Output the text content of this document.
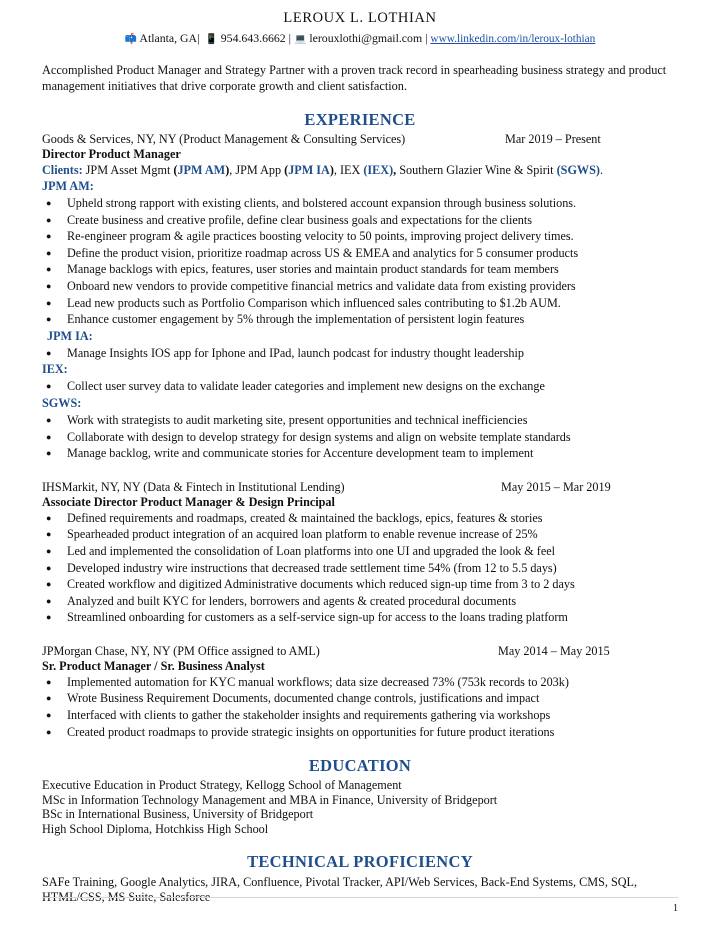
LEROUX L. LOTHIAN
📫 Atlanta, GA| 📱 954.643.6662 | 💻 lerouxlothi@gmail.com | www.linkedin.com/in/leroux-lothian
Accomplished Product Manager and Strategy Partner with a proven track record in spearheading business strategy and product management initiatives that drive corporate growth and client satisfaction.
EXPERIENCE
Goods & Services, NY, NY (Product Management & Consulting Services)	Mar 2019 – Present
Director Product Manager
Clients: JPM Asset Mgmt (JPM AM), JPM App (JPM IA), IEX (IEX), Southern Glazier Wine & Spirit (SGWS).
JPM AM:
● Upheld strong rapport with existing clients, and bolstered account expansion through business solutions.
● Create business and creative profile, define clear business goals and expectations for the clients
● Re-engineer program & agile practices boosting velocity to 50 points, improving project delivery times.
● Define the product vision, prioritize roadmap across US & EMEA and analytics for 5 consumer products
● Manage backlogs with epics, features, user stories and maintain product standards for team members
● Onboard new vendors to provide competitive financial metrics and validate data from existing providers
● Lead new products such as Portfolio Comparison which influenced sales contributing to $1.2b AUM.
● Enhance customer engagement by 5% through the implementation of persistent login features
JPM IA:
● Manage Insights IOS app for Iphone and IPad, launch podcast for industry thought leadership
IEX:
● Collect user survey data to validate leader categories and implement new designs on the exchange
SGWS:
● Work with strategists to audit marketing site, present opportunities and technical inefficiencies
● Collaborate with design to develop strategy for design systems and align on website template standards
● Manage backlog, write and communicate stories for Accenture development team to implement
IHSMarkit, NY, NY (Data & Fintech in Institutional Lending)	May 2015 – Mar 2019
Associate Director Product Manager & Design Principal
● Defined requirements and roadmaps, created & maintained the backlogs, epics, features & stories
● Spearheaded product integration of an acquired loan platform to enable revenue increase of 25%
● Led and implemented the consolidation of Loan platforms into one UI and upgraded the look & feel
● Developed industry wire instructions that decreased trade settlement time 54% (from 12 to 5.5 days)
● Created workflow and digitized Administrative documents which reduced sign-up time from 3 to 2 days
● Analyzed and built KYC for lenders, borrowers and agents & created procedural documents
● Streamlined onboarding for customers as a self-service sign-up for access to the loans trading platform
JPMorgan Chase, NY, NY (PM Office assigned to AML)	May 2014 – May 2015
Sr. Product Manager / Sr. Business Analyst
● Implemented automation for KYC manual workflows; data size decreased 73% (753k records to 203k)
● Wrote Business Requirement Documents, documented change controls, justifications and impact
● Interfaced with clients to gather the stakeholder insights and requirements gathering via workshops
● Created product roadmaps to provide strategic insights on opportunities for future product iterations
EDUCATION

Executive Education in Product Strategy, Kellogg School of Management

MSc in Information Technology Management and MBA in Finance, University of Bridgeport

BSc in International Business, University of Bridgeport

High School Diploma, Hotchkiss High School

TECHNICAL PROFICIENCY

SAFe Training, Google Analytics, JIRA, Confluence, Pivotal Tracker, API/Web Services, Back-End Systems, CMS, SQL, HTML/CSS, MS Suite, Salesforce

1
